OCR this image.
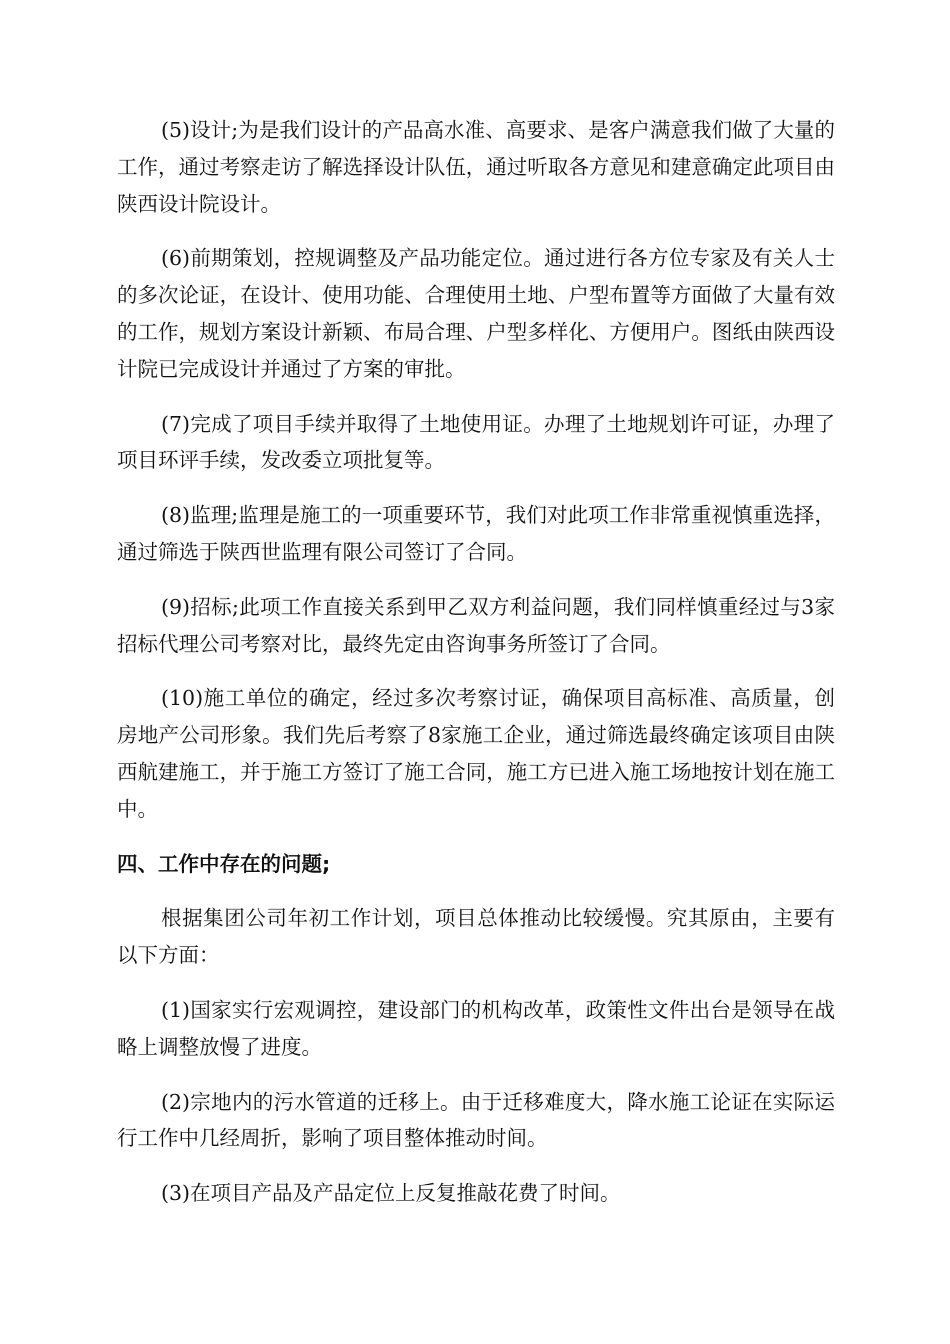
(5)设计;为是我们设计的产品高水准、高要求、是客户满意我们做了大量的工作，通过考察走访了解选择设计队伍，通过听取各方意见和建意确定此项目由陕西设计院设计。

(6)前期策划，控规调整及产品功能定位。通过进行各方位专家及有关人士的多次论证，在设计、使用功能、合理使用土地、户型布置等方面做了大量有效的工作，规划方案设计新颖、布局合理、户型多样化、方便用户。图纸由陕西设计院已完成设计并通过了方案的审批。

(7)完成了项目手续并取得了土地使用证。办理了土地规划许可证，办理了项目环评手续，发改委立项批复等。

(8)监理;监理是施工的一项重要环节，我们对此项工作非常重视慎重选择，通过筛选于陕西世监理有限公司签订了合同。

(9)招标;此项工作直接关系到甲乙双方利益问题，我们同样慎重经过与3家招标代理公司考察对比，最终先定由咨询事务所签订了合同。

(10)施工单位的确定，经过多次考察讨证，确保项目高标准、高质量，创房地产公司形象。我们先后考察了8家施工企业，通过筛选最终确定该项目由陕西航建施工，并于施工方签订了施工合同，施工方已进入施工场地按计划在施工中。

四、工作中存在的问题;

根据集团公司年初工作计划，项目总体推动比较缓慢。究其原由，主要有以下方面：

(1)国家实行宏观调控，建设部门的机构改革，政策性文件出台是领导在战略上调整放慢了进度。

(2)宗地内的污水管道的迁移上。由于迁移难度大，降水施工论证在实际运行工作中几经周折，影响了项目整体推动时间。

(3)在项目产品及产品定位上反复推敲花费了时间。
